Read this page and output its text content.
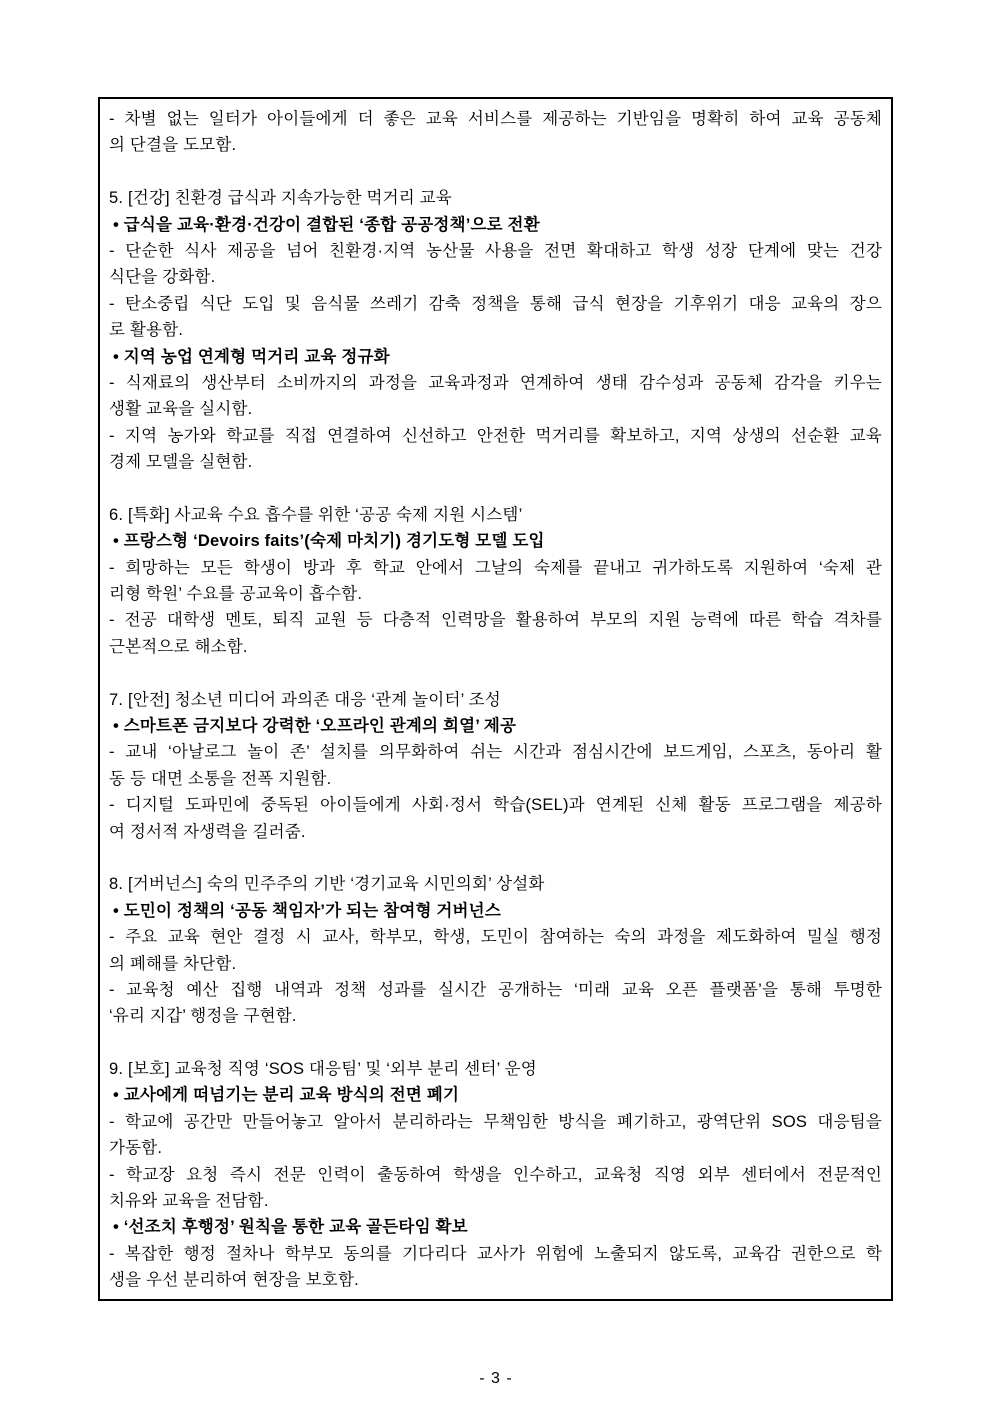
- 차별 없는 일터가 아이들에게 더 좋은 교육 서비스를 제공하는 기반임을 명확히 하여 교육 공동체
의 단결을 도모함.
5. [건강] 친환경 급식과 지속가능한 먹거리 교육
• 급식을 교육·환경·건강이 결합된 ‘종합 공공정책’으로 전환
- 단순한 식사 제공을 넘어 친환경·지역 농산물 사용을 전면 확대하고 학생 성장 단계에 맞는 건강
식단을 강화함.
- 탄소중립 식단 도입 및 음식물 쓰레기 감축 정책을 통해 급식 현장을 기후위기 대응 교육의 장으
로 활용함.
• 지역 농업 연계형 먹거리 교육 정규화
- 식재료의 생산부터 소비까지의 과정을 교육과정과 연계하여 생태 감수성과 공동체 감각을 키우는
생활 교육을 실시함.
- 지역 농가와 학교를 직접 연결하여 신선하고 안전한 먹거리를 확보하고, 지역 상생의 선순환 교육
경제 모델을 실현함.
6. [특화] 사교육 수요 흡수를 위한 ‘공공 숙제 지원 시스템’
• 프랑스형 ‘Devoirs faits’(숙제 마치기) 경기도형 모델 도입
- 희망하는 모든 학생이 방과 후 학교 안에서 그날의 숙제를 끝내고 귀가하도록 지원하여 ‘숙제 관
리형 학원’ 수요를 공교육이 흡수함.
- 전공 대학생 멘토, 퇴직 교원 등 다층적 인력망을 활용하여 부모의 지원 능력에 따른 학습 격차를
근본적으로 해소함.
7. [안전] 청소년 미디어 과의존 대응 ‘관계 놀이터’ 조성
• 스마트폰 금지보다 강력한 ‘오프라인 관계의 희열’ 제공
- 교내 ‘아날로그 놀이 존’ 설치를 의무화하여 쉬는 시간과 점심시간에 보드게임, 스포츠, 동아리 활
동 등 대면 소통을 전폭 지원함.
- 디지털 도파민에 중독된 아이들에게 사회·정서 학습(SEL)과 연계된 신체 활동 프로그램을 제공하
여 정서적 자생력을 길러줌.
8. [거버넌스] 숙의 민주주의 기반 ‘경기교육 시민의회’ 상설화
• 도민이 정책의 ‘공동 책임자’가 되는 참여형 거버넌스
- 주요 교육 현안 결정 시 교사, 학부모, 학생, 도민이 참여하는 숙의 과정을 제도화하여 밀실 행정
의 폐해를 차단함.
- 교육청 예산 집행 내역과 정책 성과를 실시간 공개하는 ‘미래 교육 오픈 플랫폼’을 통해 투명한
‘유리 지갑’ 행정을 구현함.
9. [보호] 교육청 직영 ‘SOS 대응팀’ 및 ‘외부 분리 센터’ 운영
• 교사에게 떠넘기는 분리 교육 방식의 전면 폐기
- 학교에 공간만 만들어놓고 알아서 분리하라는 무책임한 방식을 폐기하고, 광역단위 SOS 대응팀을
가동함.
- 학교장 요청 즉시 전문 인력이 출동하여 학생을 인수하고, 교육청 직영 외부 센터에서 전문적인
치유와 교육을 전담함.
• ‘선조치 후행정’ 원칙을 통한 교육 골든타임 확보
- 복잡한 행정 절차나 학부모 동의를 기다리다 교사가 위험에 노출되지 않도록, 교육감 권한으로 학
생을 우선 분리하여 현장을 보호함.
- 3 -
